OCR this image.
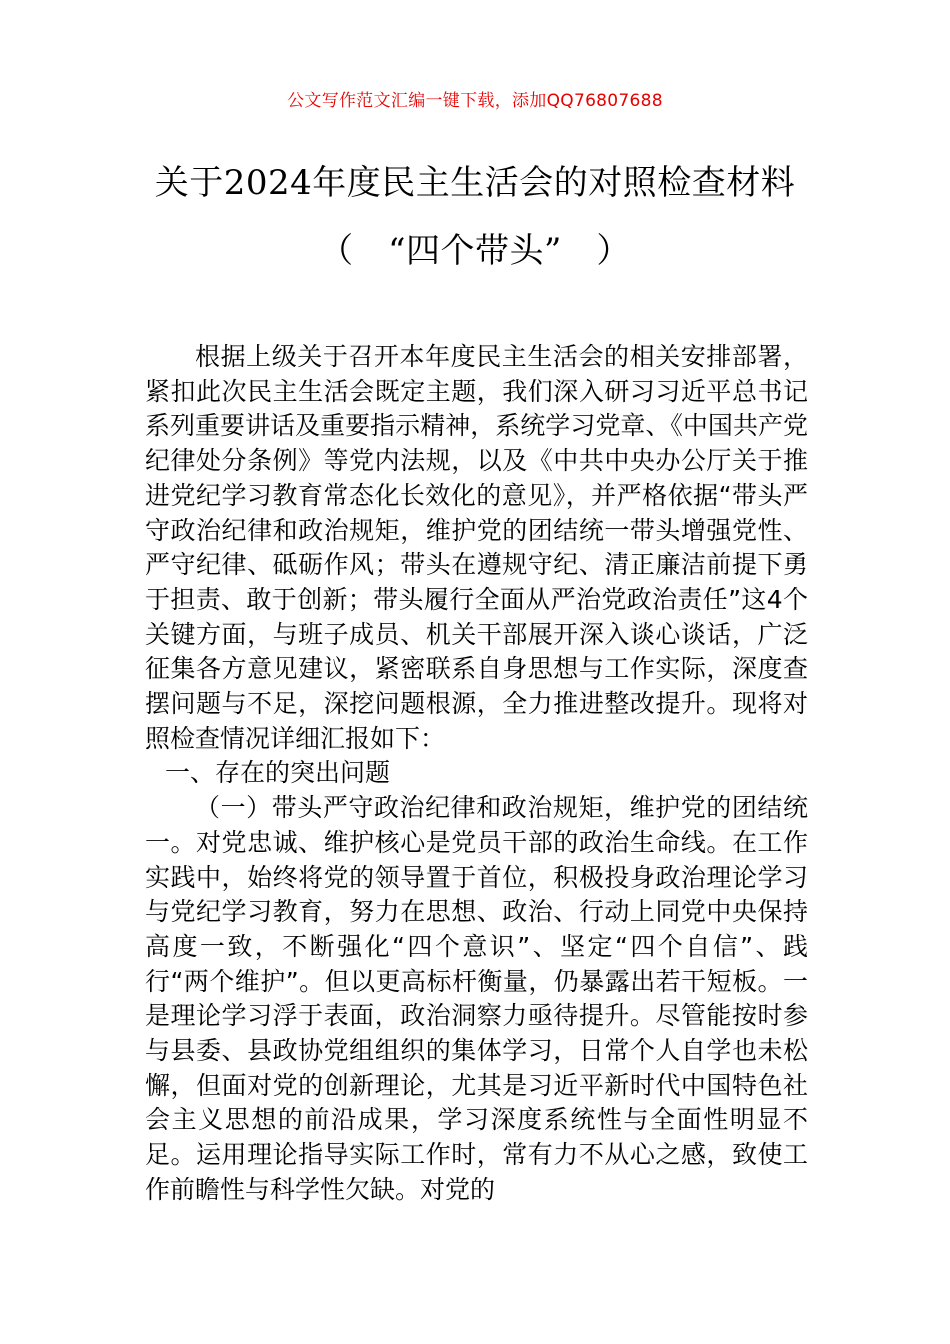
公文写作范文汇编一键下载，添加QQ76807688
关于2024年度民主生活会的对照检查材料
（　“四个带头”　）

根据上级关于召开本年度民主生活会的相关安排部署，紧扣此次民主生活会既定主题，我们深入研习习近平总书记系列重要讲话及重要指示精神，系统学习党章、《中国共产党纪律处分条例》等党内法规，以及《中共中央办公厅关于推进党纪学习教育常态化长效化的意见》，并严格依据“带头严守政治纪律和政治规矩，维护党的团结统一带头增强党性、严守纪律、砥砺作风；带头在遵规守纪、清正廉洁前提下勇于担责、敢于创新；带头履行全面从严治党政治责任”这4个关键方面，与班子成员、机关干部展开深入谈心谈话，广泛征集各方意见建议，紧密联系自身思想与工作实际，深度查摆问题与不足，深挖问题根源，全力推进整改提升。现将对照检查情况详细汇报如下：

一、存在的突出问题

（一）带头严守政治纪律和政治规矩，维护党的团结统一。对党忠诚、维护核心是党员干部的政治生命线。在工作实践中，始终将党的领导置于首位，积极投身政治理论学习与党纪学习教育，努力在思想、政治、行动上同党中央保持高度一致，不断强化“四个意识”、坚定“四个自信”、践行“两个维护”。但以更高标杆衡量，仍暴露出若干短板。一是理论学习浮于表面，政治洞察力亟待提升。尽管能按时参与县委、县政协党组组织的集体学习，日常个人自学也未松懈，但面对党的创新理论，尤其是习近平新时代中国特色社会主义思想的前沿成果，学习深度系统性与全面性明显不足。运用理论指导实际工作时，常有力不从心之感，致使工作前瞻性与科学性欠缺。对党的
